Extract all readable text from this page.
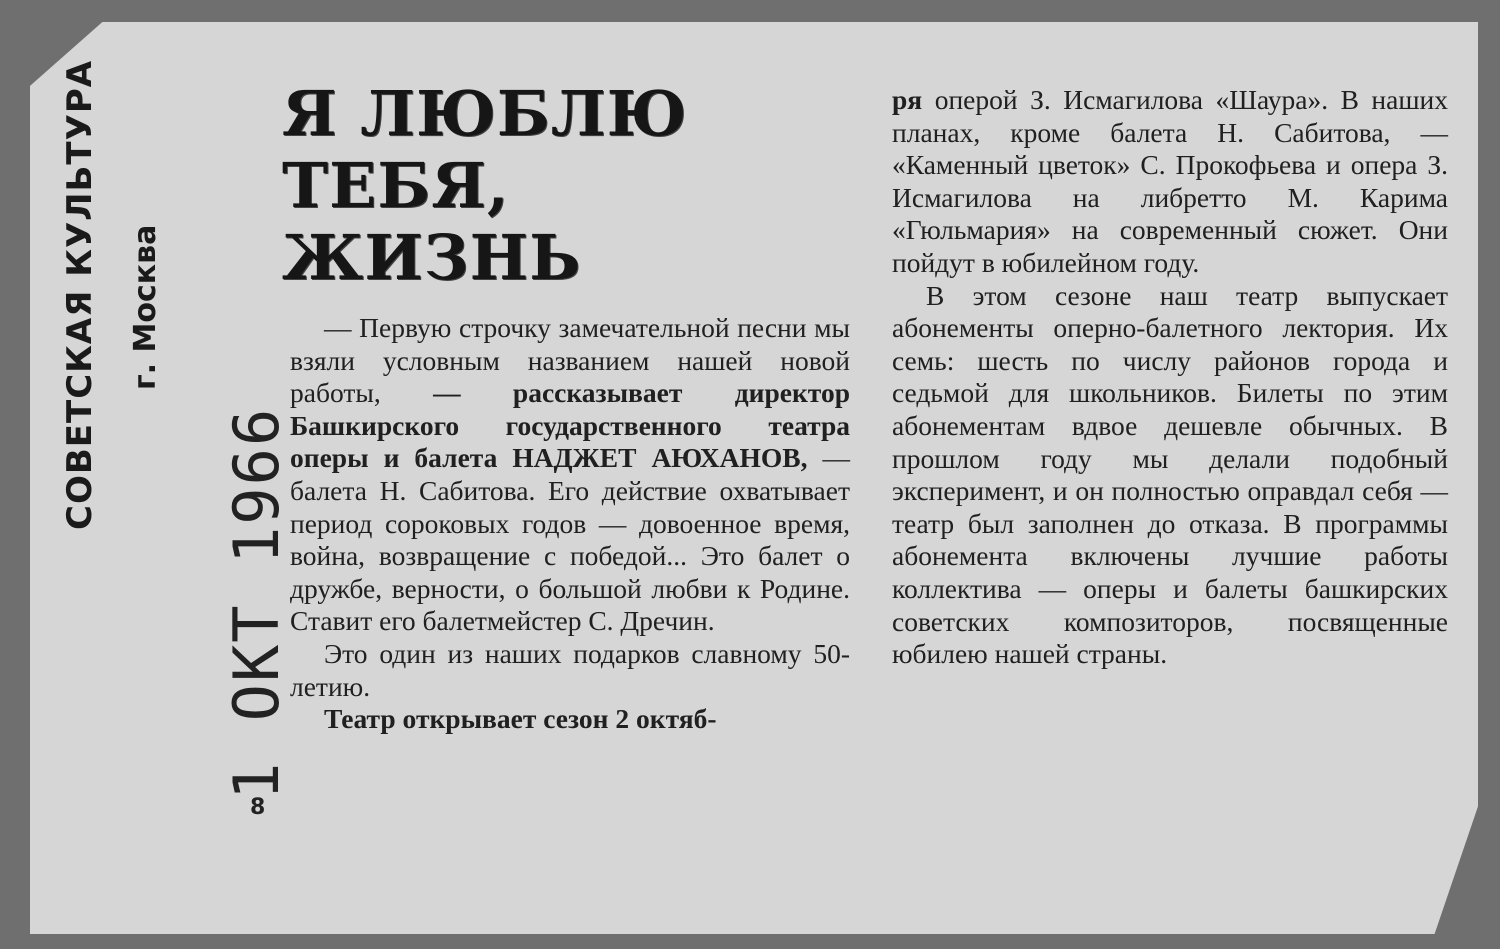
СОВЕТСКАЯ КУЛЬТУРА г. Москва
1 ОКТ 1966
8
Я ЛЮБЛЮ
ТЕБЯ,
ЖИЗНЬ

— Первую строчку замечательной песни мы взяли условным названием нашей новой работы, — рассказывает директор Башкирского государственного театра оперы и балета НАДЖЕТ АЮХАНОВ, — балета Н. Сабитова. Его действие охватывает период сороковых годов — довоенное время, война, возвращение с победой... Это балет о дружбе, верности, о большой любви к Родине. Ставит его балетмейстер С. Дречин.

Это один из наших подарков славному 50-летию.

Театр открывает сезон 2 октяб-

ря оперой З. Исмагилова «Шаура». В наших планах, кроме балета Н. Сабитова, — «Каменный цветок» С. Прокофьева и опера З. Исмагилова на либретто М. Карима «Гюльмария» на современный сюжет. Они пойдут в юбилейном году.

В этом сезоне наш театр выпускает абонементы оперно-балетного лектория. Их семь: шесть по числу районов города и седьмой для школьников. Билеты по этим абонементам вдвое дешевле обычных. В прошлом году мы делали подобный эксперимент, и он полностью оправдал себя — театр был заполнен до отказа. В программы абонемента включены лучшие работы коллектива — оперы и балеты башкирских советских композиторов, посвященные юбилею нашей страны.
